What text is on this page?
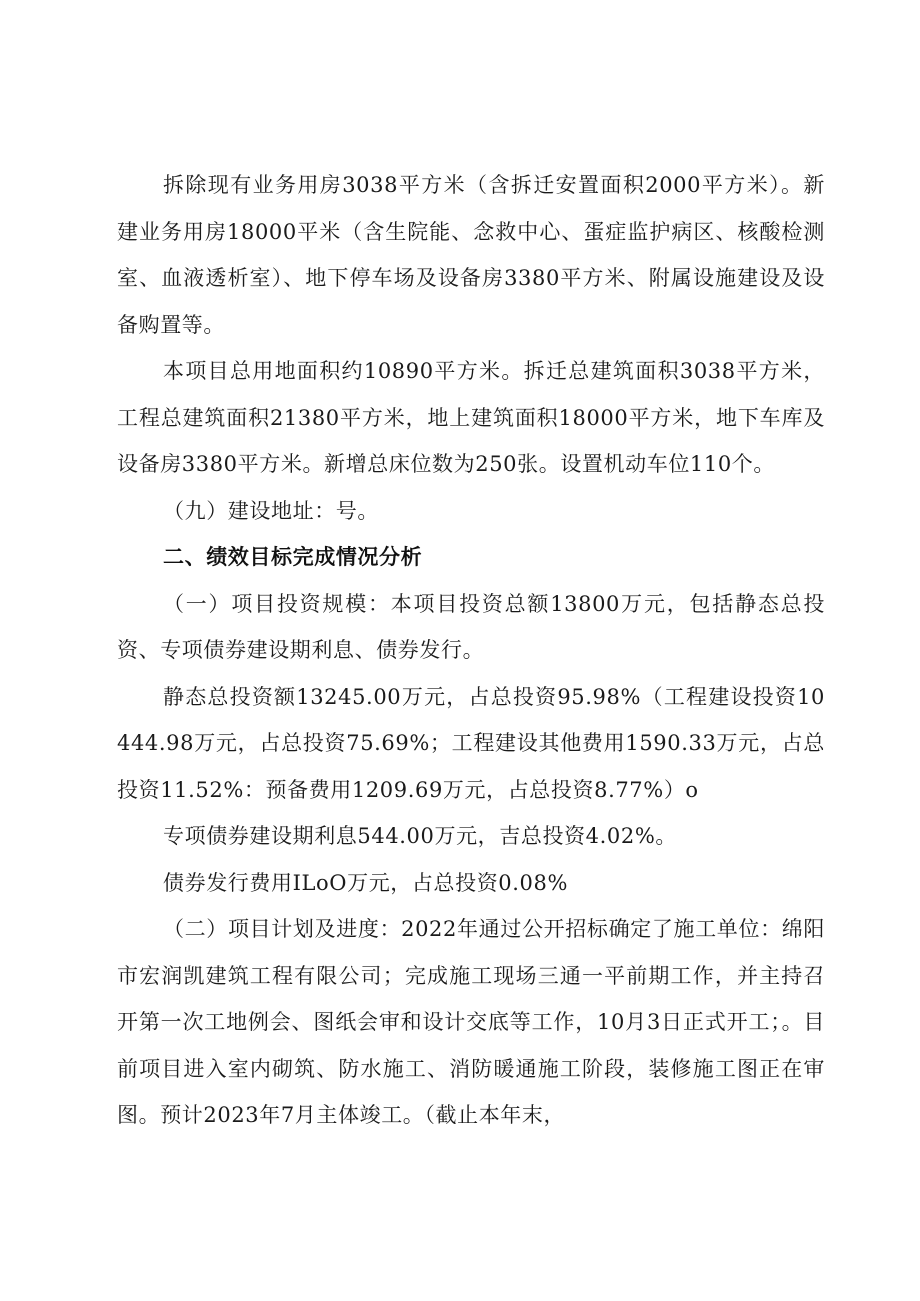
拆除现有业务用房3038平方米（含拆迁安置面积2000平方米）。新建业务用房18000平米（含生院能、念救中心、蛋症监护病区、核酸检测室、血液透析室）、地下停车场及设备房3380平方米、附属设施建设及设备购置等。

本项目总用地面积约10890平方米。拆迁总建筑面积3038平方米，工程总建筑面积21380平方米，地上建筑面积18000平方米，地下车库及设备房3380平方米。新增总床位数为250张。设置机动车位110个。

（九）建设地址：号。

二、绩效目标完成情况分析

（一）项目投资规模：本项目投资总额13800万元，包括静态总投资、专项债券建设期利息、债券发行。

静态总投资额13245.00万元，占总投资95.98%（工程建设投资10444.98万元，占总投资75.69%；工程建设其他费用1590.33万元，占总投资11.52%：预备费用1209.69万元，占总投资8.77%）o

专项债券建设期利息544.00万元，吉总投资4.02%。

债券发行费用ILoO万元，占总投资0.08%

（二）项目计划及进度：2022年通过公开招标确定了施工单位：绵阳市宏润凯建筑工程有限公司；完成施工现场三通一平前期工作，并主持召开第一次工地例会、图纸会审和设计交底等工作，10月3日正式开工；。目前项目进入室内砌筑、防水施工、消防暖通施工阶段，装修施工图正在审图。预计2023年7月主体竣工。（截止本年末，
